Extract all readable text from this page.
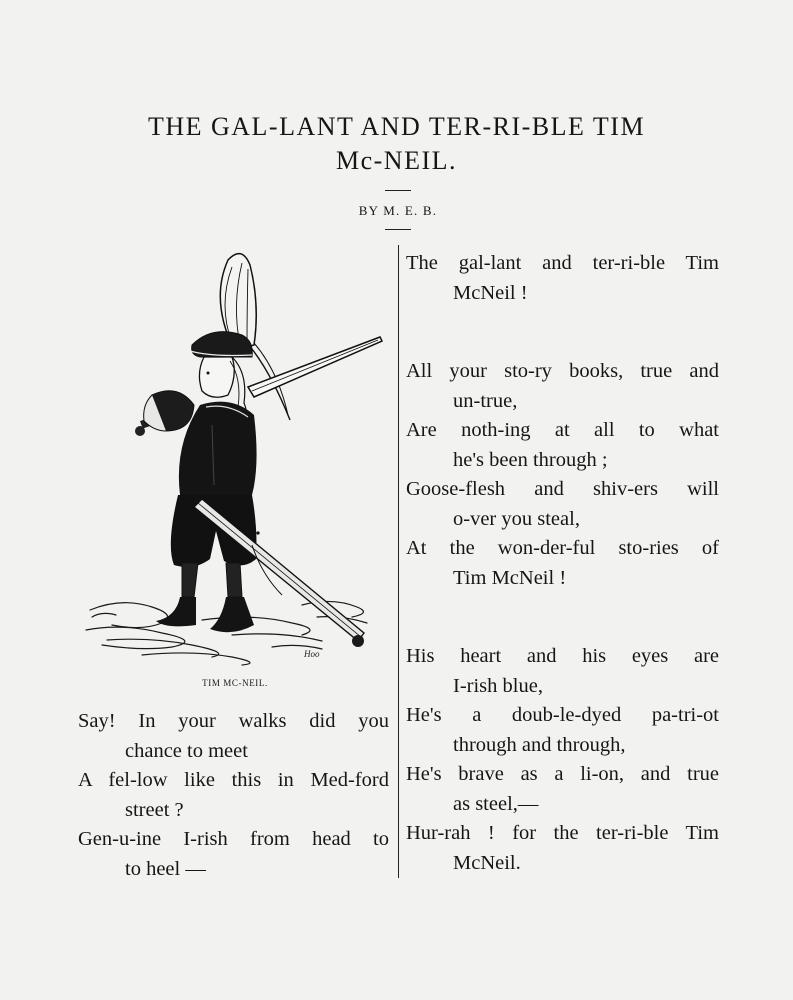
THE GAL-LANT AND TER-RI-BLE TIM
Mc-NEIL.
BY M. E. B.
Hoo
TIM MC-NEIL.
Say! In your walks did you
chance to meet
A fel-low like this in Med-ford
street ?
Gen-u-ine I-rish from head to
to heel —
The gal-lant and ter-ri-ble Tim
McNeil !
All your sto-ry books, true and
un-true,
Are noth-ing at all to what
he's been through ;
Goose-flesh and shiv-ers will
o-ver you steal,
At the won-der-ful sto-ries of
Tim McNeil !
His heart and his eyes are
I-rish blue,
He's a doub-le-dyed pa-tri-ot
through and through,
He's brave as a li-on, and true
as steel,—
Hur-rah ! for the ter-ri-ble Tim
McNeil.
